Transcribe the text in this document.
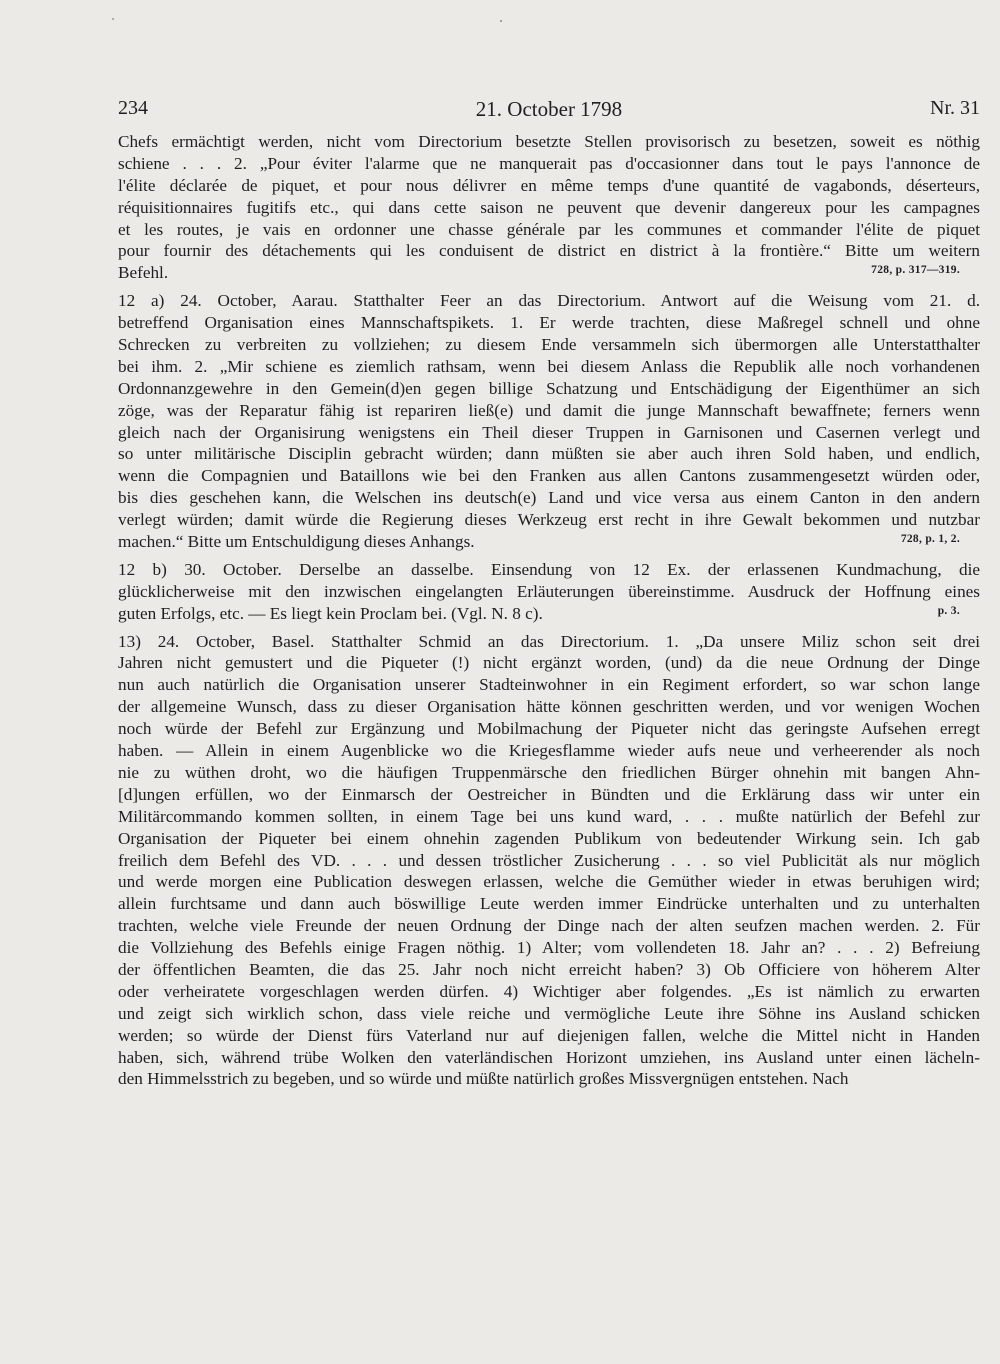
234	21. October 1798	Nr. 31
Chefs ermächtigt werden, nicht vom Directorium besetzte Stellen provisorisch zu besetzen, soweit es nöthig
schiene . . . 2. „Pour éviter l'alarme que ne manquerait pas d'occasionner dans tout le pays l'annonce de
l'élite déclarée de piquet, et pour nous délivrer en même temps d'une quantité de vagabonds, déserteurs,
réquisitionnaires fugitifs etc., qui dans cette saison ne peuvent que devenir dangereux pour les campagnes
et les routes, je vais en ordonner une chasse générale par les communes et commander l'élite de piquet
pour fournir des détachements qui les conduisent de district en district à la frontière.“ Bitte um weitern
Befehl.	728, p. 317—319.
12 a) 24. October, Aarau. Statthalter Feer an das Directorium. Antwort auf die Weisung vom 21. d.
betreffend Organisation eines Mannschaftspikets. 1. Er werde trachten, diese Maßregel schnell und ohne
Schrecken zu verbreiten zu vollziehen; zu diesem Ende versammeln sich übermorgen alle Unterstatthalter
bei ihm. 2. „Mir schiene es ziemlich rathsam, wenn bei diesem Anlass die Republik alle noch vorhandenen
Ordonnanzgewehre in den Gemein(d)en gegen billige Schatzung und Entschädigung der Eigenthümer an sich
zöge, was der Reparatur fähig ist repariren ließ(e) und damit die junge Mannschaft bewaffnete; ferners wenn
gleich nach der Organisirung wenigstens ein Theil dieser Truppen in Garnisonen und Casernen verlegt und
so unter militärische Disciplin gebracht würden; dann müßten sie aber auch ihren Sold haben, und endlich,
wenn die Compagnien und Bataillons wie bei den Franken aus allen Cantons zusammengesetzt würden oder,
bis dies geschehen kann, die Welschen ins deutsch(e) Land und vice versa aus einem Canton in den andern
verlegt würden; damit würde die Regierung dieses Werkzeug erst recht in ihre Gewalt bekommen und nutzbar
machen.“ Bitte um Entschuldigung dieses Anhangs.	728, p. 1, 2.
12 b) 30. October. Derselbe an dasselbe. Einsendung von 12 Ex. der erlassenen Kundmachung, die
glücklicherweise mit den inzwischen eingelangten Erläuterungen übereinstimme. Ausdruck der Hoffnung eines
guten Erfolgs, etc. — Es liegt kein Proclam bei. (Vgl. N. 8 c).	p. 3.
13) 24. October, Basel. Statthalter Schmid an das Directorium. 1. „Da unsere Miliz schon seit drei
Jahren nicht gemustert und die Piqueter (!) nicht ergänzt worden, (und) da die neue Ordnung der Dinge
nun auch natürlich die Organisation unserer Stadteinwohner in ein Regiment erfordert, so war schon lange
der allgemeine Wunsch, dass zu dieser Organisation hätte können geschritten werden, und vor wenigen Wochen
noch würde der Befehl zur Ergänzung und Mobilmachung der Piqueter nicht das geringste Aufsehen erregt
haben. — Allein in einem Augenblicke wo die Kriegesflamme wieder aufs neue und verheerender als noch
nie zu wüthen droht, wo die häufigen Truppenmärsche den friedlichen Bürger ohnehin mit bangen Ahn-
[d]ungen erfüllen, wo der Einmarsch der Oestreicher in Bündten und die Erklärung dass wir unter ein
Militärcommando kommen sollten, in einem Tage bei uns kund ward, . . . mußte natürlich der Befehl zur
Organisation der Piqueter bei einem ohnehin zagenden Publikum von bedeutender Wirkung sein. Ich gab
freilich dem Befehl des VD. . . . und dessen tröstlicher Zusicherung . . . so viel Publicität als nur möglich
und werde morgen eine Publication deswegen erlassen, welche die Gemüther wieder in etwas beruhigen wird;
allein furchtsame und dann auch böswillige Leute werden immer Eindrücke unterhalten und zu unterhalten
trachten, welche viele Freunde der neuen Ordnung der Dinge nach der alten seufzen machen werden. 2. Für
die Vollziehung des Befehls einige Fragen nöthig. 1) Alter; vom vollendeten 18. Jahr an? . . . 2) Befreiung
der öffentlichen Beamten, die das 25. Jahr noch nicht erreicht haben? 3) Ob Officiere von höherem Alter
oder verheiratete vorgeschlagen werden dürfen. 4) Wichtiger aber folgendes. „Es ist nämlich zu erwarten
und zeigt sich wirklich schon, dass viele reiche und vermögliche Leute ihre Söhne ins Ausland schicken
werden; so würde der Dienst fürs Vaterland nur auf diejenigen fallen, welche die Mittel nicht in Handen
haben, sich, während trübe Wolken den vaterländischen Horizont umziehen, ins Ausland unter einen lächeln-
den Himmelsstrich zu begeben, und so würde und müßte natürlich großes Missvergnügen entstehen. Nach
